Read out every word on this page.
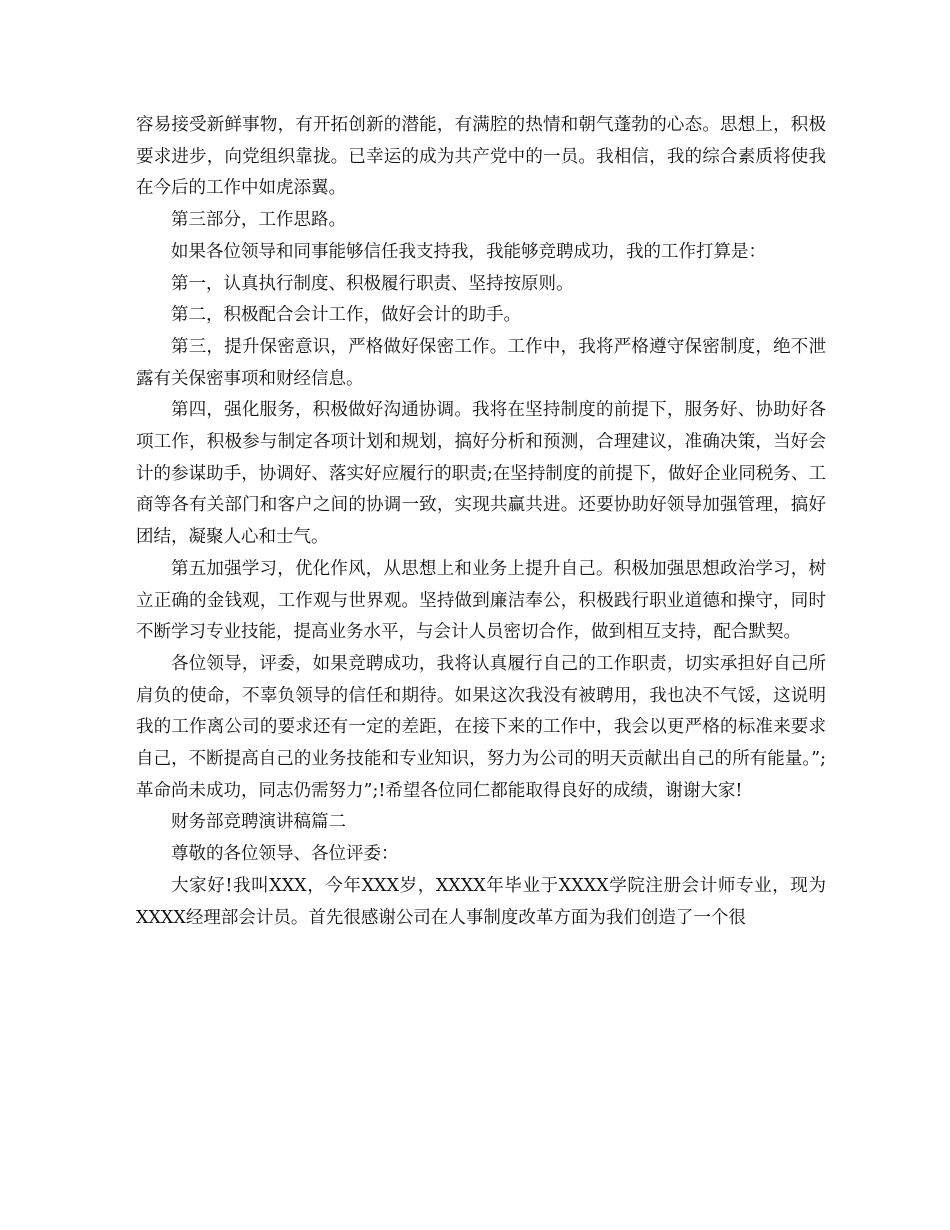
容易接受新鲜事物，有开拓创新的潜能，有满腔的热情和朝气蓬勃的心态。思想上，积极要求进步，向党组织靠拢。已幸运的成为共产党中的一员。我相信，我的综合素质将使我在今后的工作中如虎添翼。

第三部分，工作思路。

如果各位领导和同事能够信任我支持我，我能够竞聘成功，我的工作打算是：

第一，认真执行制度、积极履行职责、坚持按原则。

第二，积极配合会计工作，做好会计的助手。

第三，提升保密意识，严格做好保密工作。工作中，我将严格遵守保密制度，绝不泄露有关保密事项和财经信息。

第四，强化服务，积极做好沟通协调。我将在坚持制度的前提下，服务好、协助好各项工作，积极参与制定各项计划和规划，搞好分析和预测，合理建议，准确决策，当好会计的参谋助手，协调好、落实好应履行的职责;在坚持制度的前提下，做好企业同税务、工商等各有关部门和客户之间的协调一致，实现共赢共进。还要协助好领导加强管理，搞好团结，凝聚人心和士气。

第五加强学习，优化作风，从思想上和业务上提升自己。积极加强思想政治学习，树立正确的金钱观，工作观与世界观。坚持做到廉洁奉公，积极践行职业道德和操守，同时不断学习专业技能，提高业务水平，与会计人员密切合作，做到相互支持，配合默契。

各位领导，评委，如果竞聘成功，我将认真履行自己的工作职责，切实承担好自己所肩负的使命，不辜负领导的信任和期待。如果这次我没有被聘用，我也决不气馁，这说明我的工作离公司的要求还有一定的差距，在接下来的工作中，我会以更严格的标准来要求自己，不断提高自己的业务技能和专业知识，努力为公司的明天贡献出自己的所有能量。”;革命尚未成功，同志仍需努力”;!希望各位同仁都能取得良好的成绩，谢谢大家!

财务部竞聘演讲稿篇二

尊敬的各位领导、各位评委：

大家好!我叫XXX，今年XXX岁，XXXX年毕业于XXXX学院注册会计师专业，现为XXXX经理部会计员。首先很感谢公司在人事制度改革方面为我们创造了一个很
